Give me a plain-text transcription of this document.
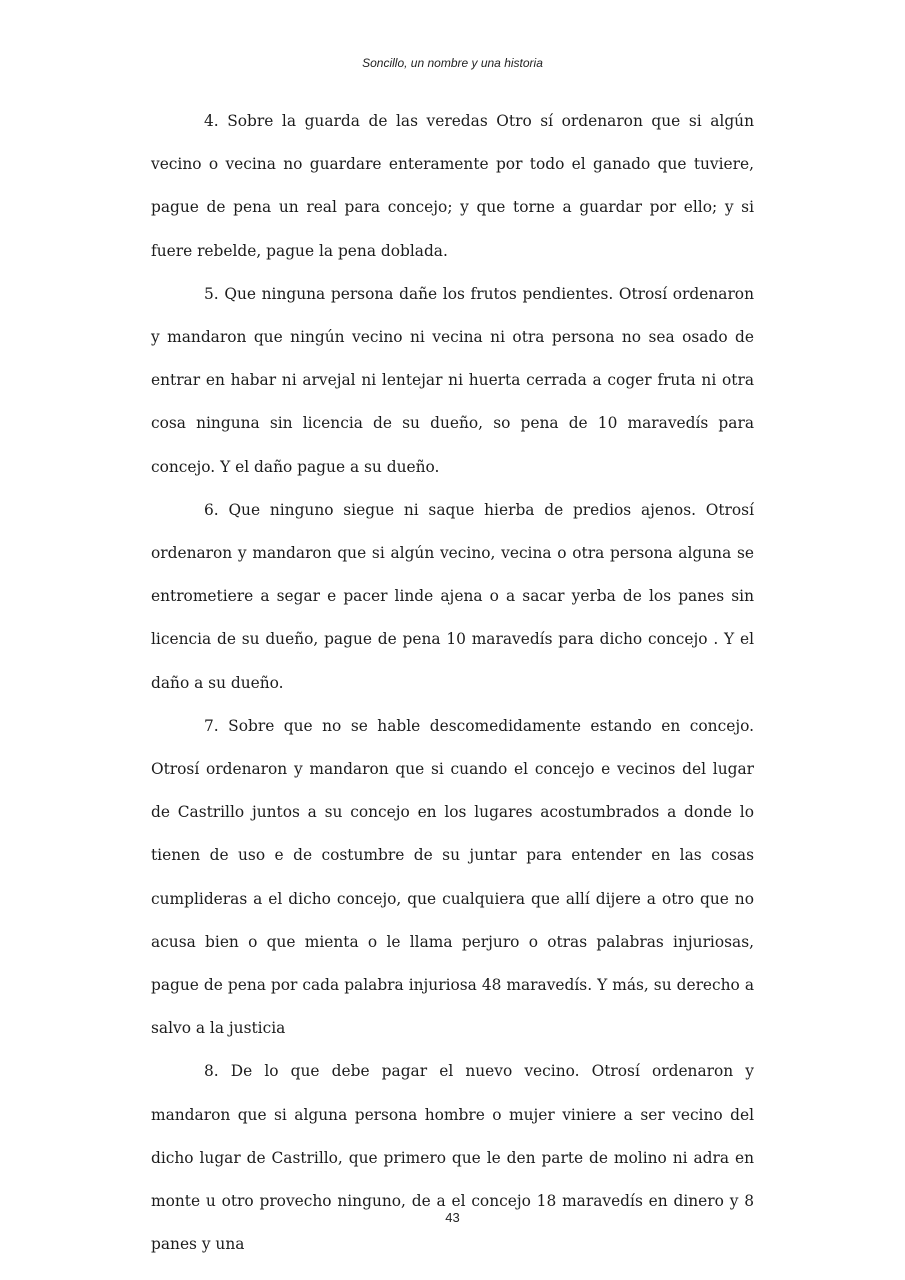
Soncillo, un nombre y una historia

4. Sobre la guarda de las veredas Otro sí ordenaron que si algún vecino o vecina no guardare enteramente por todo el ganado que tuviere, pague de pena un real para concejo; y que torne a guardar por ello; y si fuere rebelde, pague la pena doblada.

5. Que ninguna persona dañe los frutos pendientes. Otrosí ordenaron y mandaron que ningún vecino ni vecina ni otra persona no sea osado de entrar en habar ni arvejal ni lentejar ni huerta cerrada a coger fruta ni otra cosa ninguna sin licencia de su dueño, so pena de 10 maravedís para concejo. Y el daño pague a su dueño.

6. Que ninguno siegue ni saque hierba de predios ajenos. Otrosí ordenaron y mandaron que si algún vecino, vecina o otra persona alguna se entrometiere a segar e pacer linde ajena o a sacar yerba de los panes sin licencia de su dueño, pague de pena 10 maravedís para dicho concejo . Y el daño a su dueño.

7. Sobre que no se hable descomedidamente estando en concejo. Otrosí ordenaron y mandaron que si cuando el concejo e vecinos del lugar de Castrillo juntos a su concejo en los lugares acostumbrados a donde lo tienen de uso e de costumbre de su juntar para entender en las cosas cumplideras a el dicho concejo, que cualquiera que allí dijere a otro que no acusa bien o que mienta o le llama perjuro o otras palabras injuriosas, pague de pena por cada palabra injuriosa 48 maravedís. Y más, su derecho a salvo a la justicia

8. De lo que debe pagar el nuevo vecino. Otrosí ordenaron y mandaron que si alguna persona hombre o mujer viniere a ser vecino del dicho lugar de Castrillo, que primero que le den parte de molino ni adra en monte u otro provecho ninguno, de a el concejo 18 maravedís en dinero y 8 panes y una

43
